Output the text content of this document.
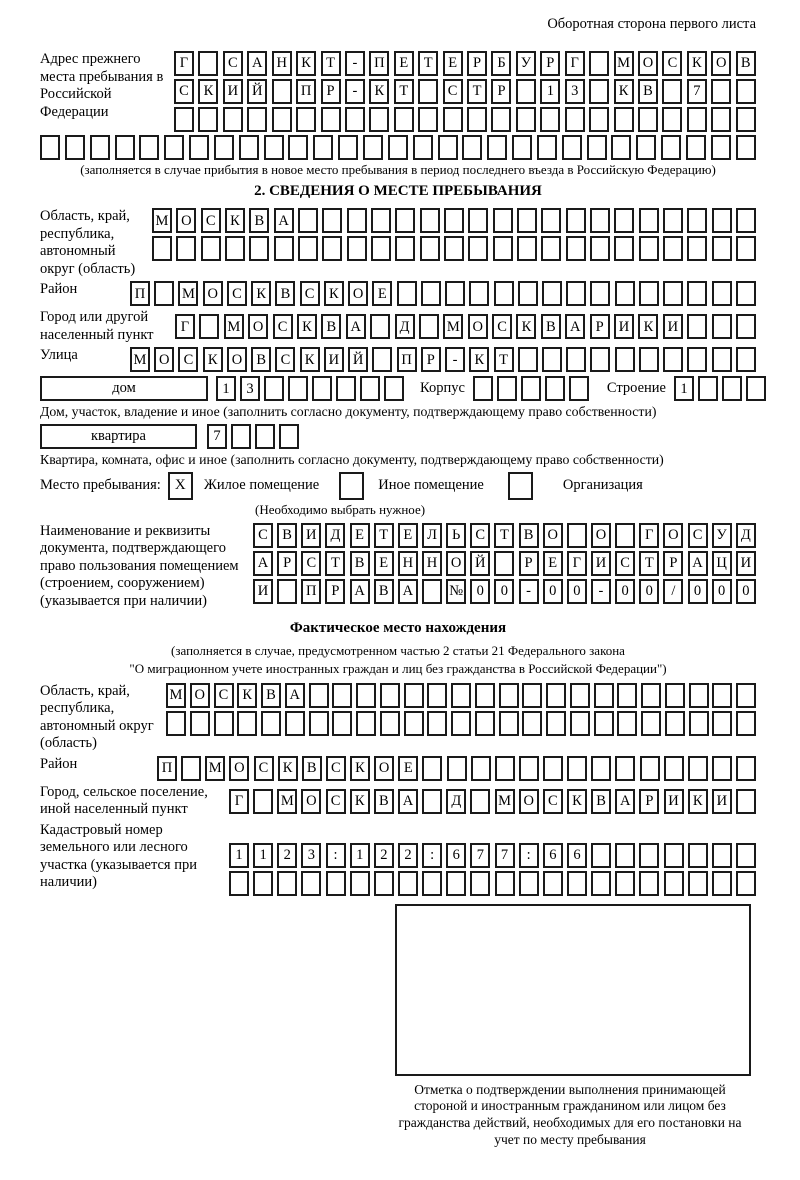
Оборотная сторона первого листа
Адрес прежнего места пребывания в Российской Федерации
Г	С А Н К	Т	-	П	Е	Т	Е	Р	Б	У	Р	Г	М О С	К О В
С	К И Й	П	Р	-	К	Т	С	Т	Р	1	3	К	В	7
(заполняется в случае прибытия в новое место пребывания в период последнего въезда в Российскую Федерацию)
2. СВЕДЕНИЯ О МЕСТЕ ПРЕБЫВАНИЯ
Область, край, республика, автономный округ (область)
М О С	К	В А
Район	П	М О С	К	В	С	К О	Е
Город или другой населенный пункт
Г	М О С	К	В А	Д	М О С	К	В А	Р	И К И
Улица	М О С	К О В	С	К И Й	П	Р	-	К	Т
дом	1	3	Корпус	Строение 1
Дом, участок, владение и иное (заполнить согласно документу, подтверждающему право собственности)
квартира	7
Квартира, комната, офис и иное (заполнить согласно документу, подтверждающему право собственности)
Место пребывания: X	Жилое помещение	Иное помещение	Организация
(Необходимо выбрать нужное)
Наименование и реквизиты документа, подтверждающего право пользования помещением (строением, сооружением) (указывается при наличии)
С В И Д	Е	Т	Е	Л	Ь	С	Т	В О	О	Г	О С У Д
А	Р	С	Т	В	Е Н Н О Й	Р	Е	Г	И С	Т	Р	А Ц И
И	П	Р	А В А	№ 0	0	-	0	0	-	0	0	/	0	0	0
Фактическое место нахождения
(заполняется в случае, предусмотренном частью 2 статьи 21 Федерального закона
"О миграционном учете иностранных граждан и лиц без гражданства в Российской Федерации")
Область, край, республика, автономный округ (область)
М О С К В А
Район	П	М О С К В С К О Е
Город, сельское поселение, иной населенный пункт
Г	М О С К В А	Д	М О С К В А	Р	И К И
Кадастровый номер земельного или лесного участка (указывается при наличии)
1	1	2	3	:	1	2	2	:	6	7	7	:	6	6
Отметка о подтверждении выполнения принимающей стороной и иностранным гражданином или лицом без гражданства действий, необходимых для его постановки на учет по месту пребывания
